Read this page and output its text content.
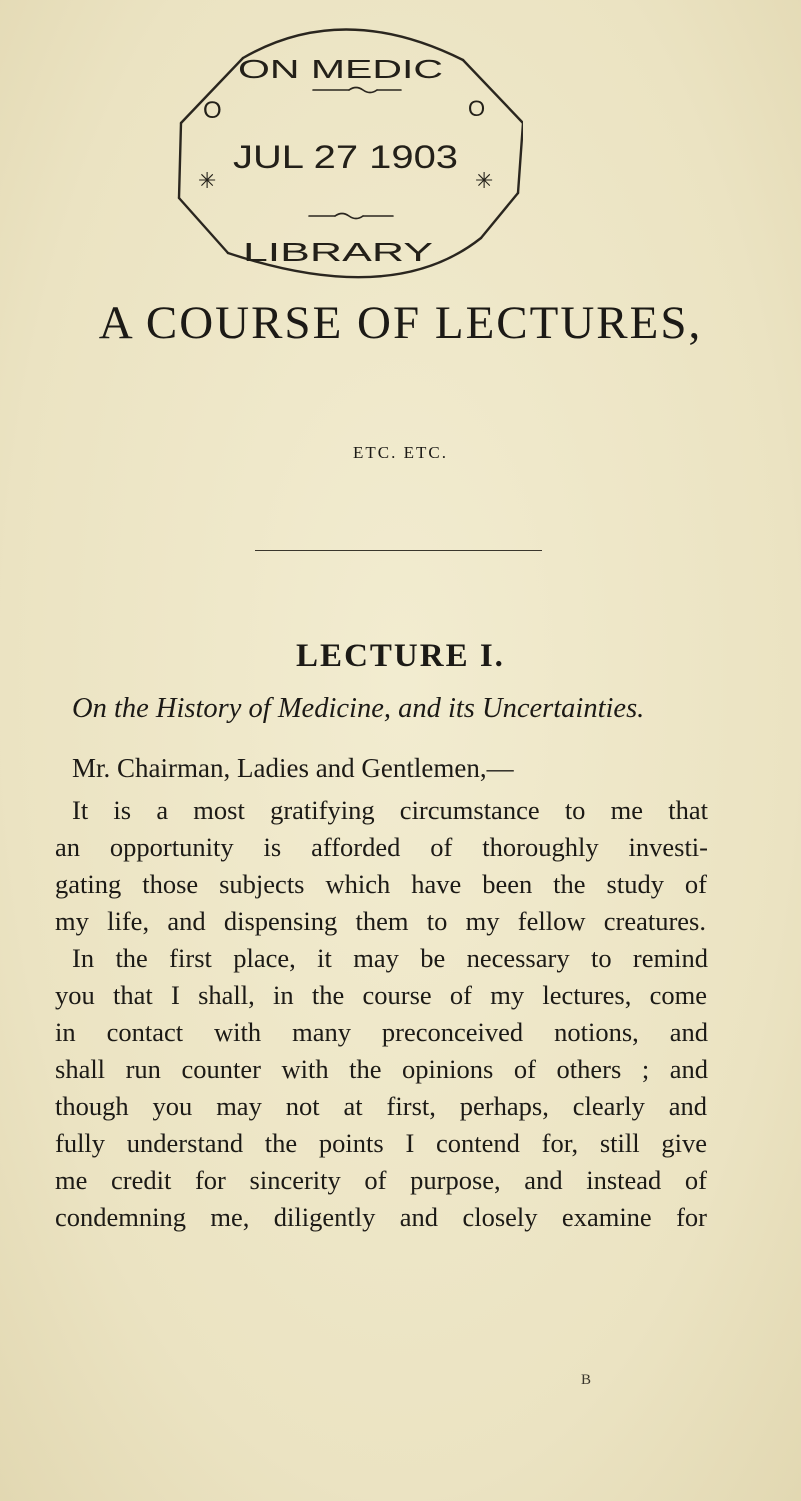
✳	✳
ON MEDIC
O	O
JUL 27 1903
LIBRARY
A COURSE OF LECTURES,

ETC. ETC.

LECTURE I.

On the History of Medicine, and its Uncertainties.

Mr. Chairman, Ladies and Gentlemen,—

It is a most gratifying circumstance to me that

an opportunity is afforded of thoroughly investi-

gating those subjects which have been the study of

my life, and dispensing them to my fellow creatures.

In the first place, it may be necessary to remind

you that I shall, in the course of my lectures, come

in contact with many preconceived notions, and

shall run counter with the opinions of others ; and

though you may not at first, perhaps, clearly and

fully understand the points I contend for, still give

me credit for sincerity of purpose, and instead of

condemning me, diligently and closely examine for

B
